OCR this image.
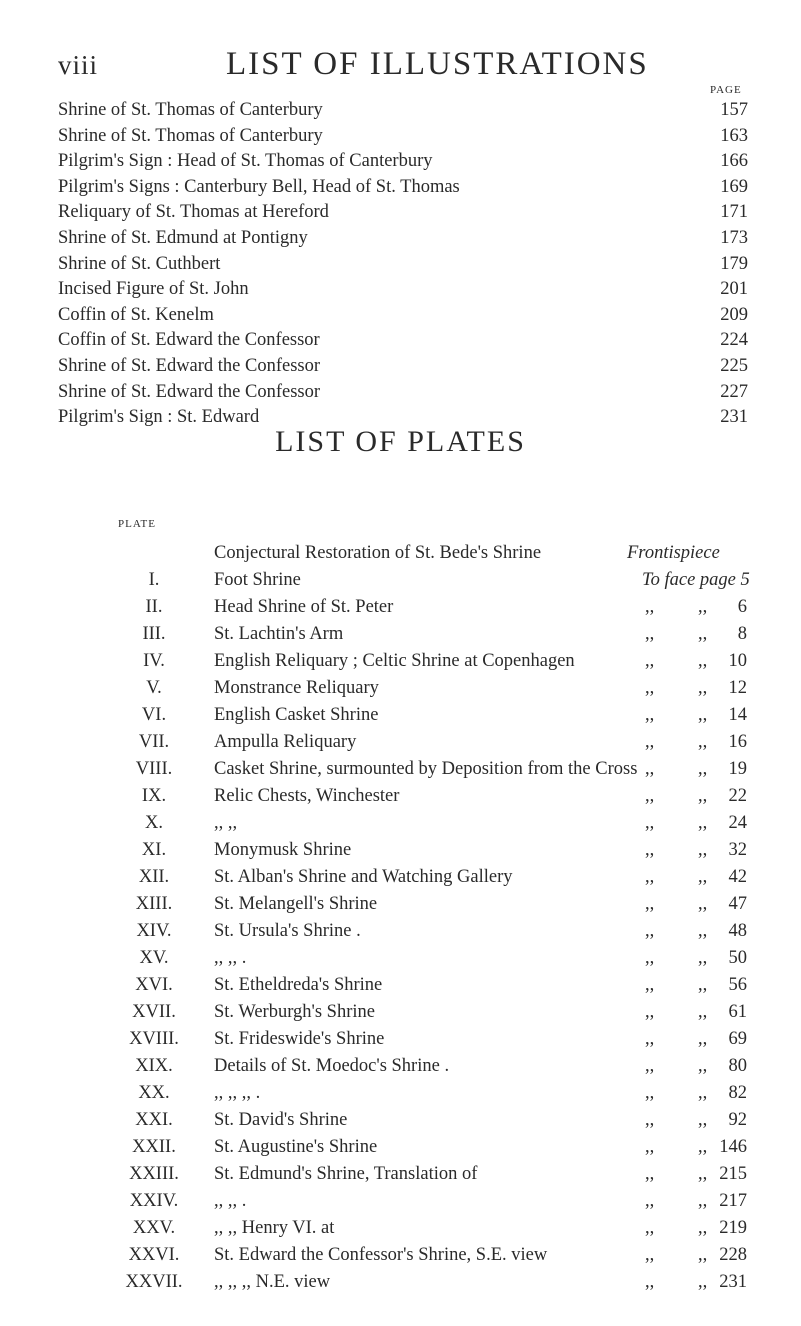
viii	LIST OF ILLUSTRATIONS
PAGE
Shrine of St. Thomas of Canterbury	157
Shrine of St. Thomas of Canterbury	163
Pilgrim's Sign : Head of St. Thomas of Canterbury	166
Pilgrim's Signs : Canterbury Bell, Head of St. Thomas	169
Reliquary of St. Thomas at Hereford	171
Shrine of St. Edmund at Pontigny	173
Shrine of St. Cuthbert	179
Incised Figure of St. John	201
Coffin of St. Kenelm	209
Coffin of St. Edward the Confessor	224
Shrine of St. Edward the Confessor	225
Shrine of St. Edward the Confessor	227
Pilgrim's Sign : St. Edward	231
LIST OF PLATES
PLATE
Conjectural Restoration of St. Bede's Shrine	Frontispiece
I.	Foot Shrine	To face page 5
II.	Head Shrine of St. Peter	,, ,, 6
III.	St. Lachtin's Arm	,, ,, 8
IV.	English Reliquary ; Celtic Shrine at Copenhagen	,, ,, 10
V.	Monstrance Reliquary	,, ,, 12
VI.	English Casket Shrine	,, ,, 14
VII.	Ampulla Reliquary	,, ,, 16
VIII.	Casket Shrine, surmounted by Deposition from the Cross ,, ,, 19
IX.	Relic Chests, Winchester	,, ,, 22
X.	,, ,,	,, ,, 24
XI.	Monymusk Shrine	,, ,, 32
XII.	St. Alban's Shrine and Watching Gallery	,, ,, 42
XIII.	St. Melangell's Shrine	,, ,, 47
XIV.	St. Ursula's Shrine .	,, ,, 48
XV.	,, ,, .	,, ,, 50
XVI.	St. Etheldreda's Shrine	,, ,, 56
XVII.	St. Werburgh's Shrine	,, ,, 61
XVIII.	St. Frideswide's Shrine	,, ,, 69
XIX.	Details of St. Moedoc's Shrine .	,, ,, 80
XX.	,, ,, ,, .	,, ,, 82
XXI.	St. David's Shrine	,, ,, 92
XXII.	St. Augustine's Shrine	,, ,, 146
XXIII.	St. Edmund's Shrine, Translation of	,, ,, 215
XXIV.	,, ,, .	,, ,, 217
XXV.	,, ,, Henry VI. at	,, ,, 219
XXVI.	St. Edward the Confessor's Shrine, S.E. view	,, ,, 228
XXVII.	,, ,, ,, N.E. view	,, ,, 231
